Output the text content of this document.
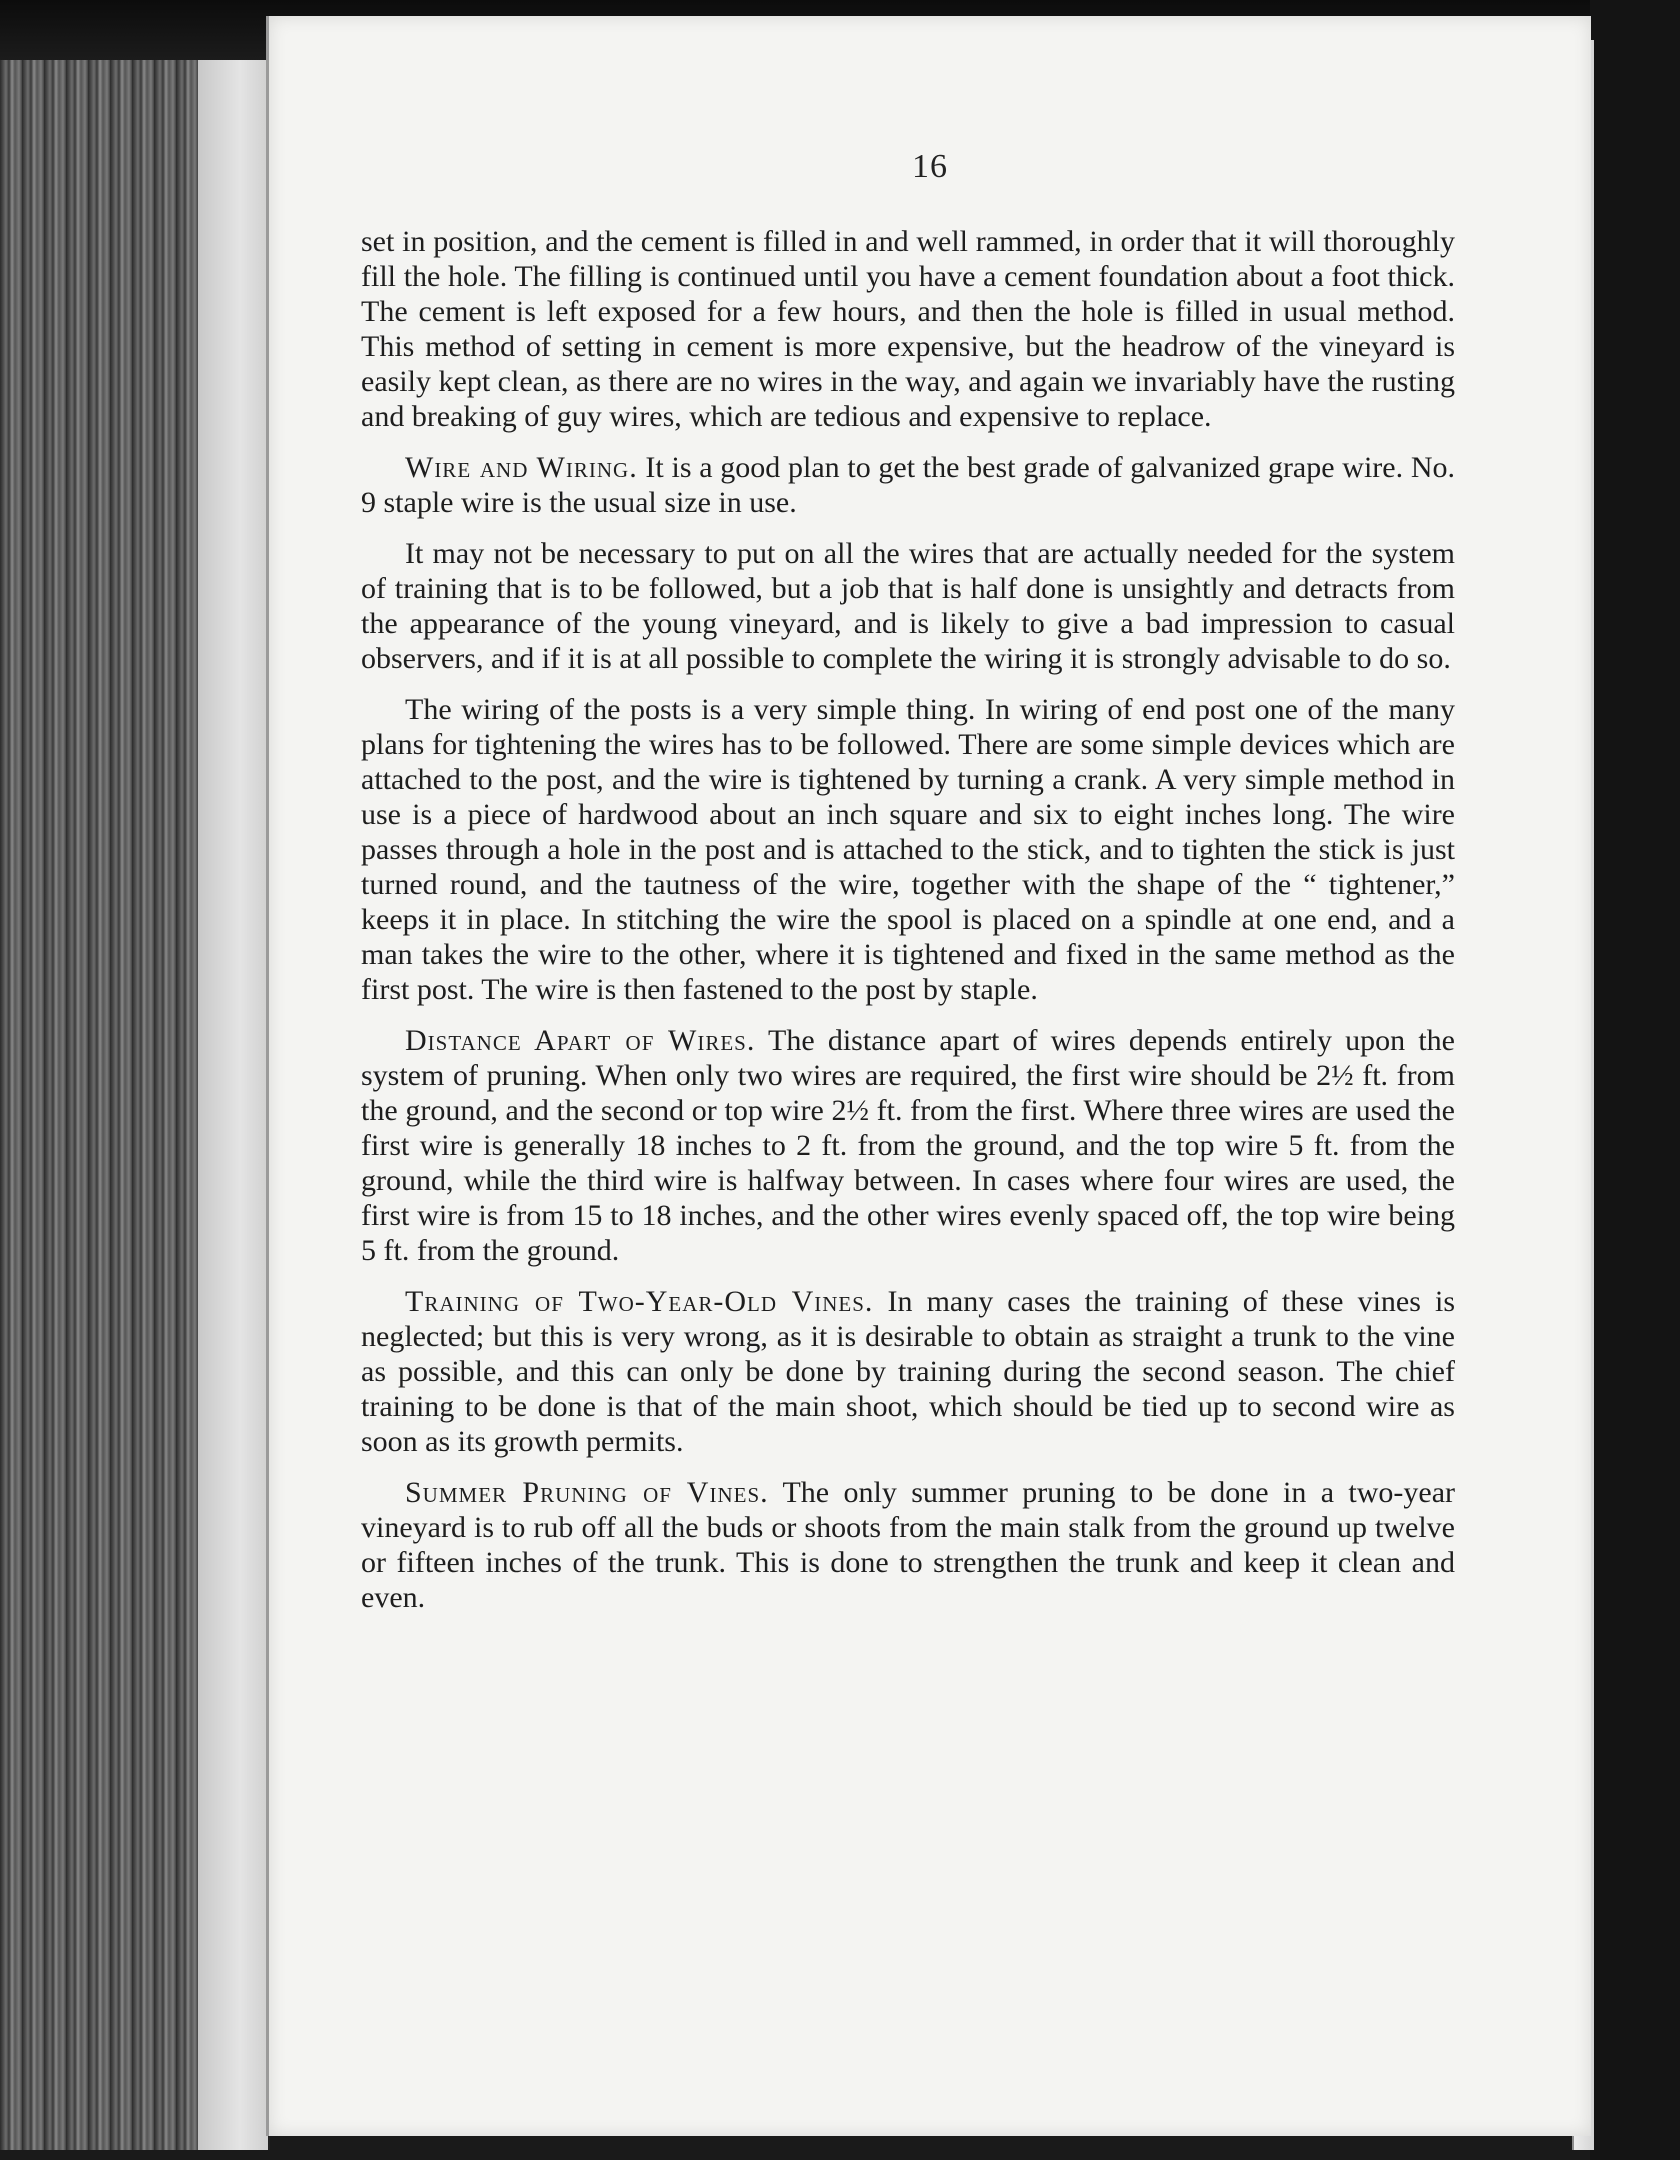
16

set in position, and the cement is filled in and well rammed, in order that it will thoroughly fill the hole. The filling is continued until you have a cement foundation about a foot thick. The cement is left exposed for a few hours, and then the hole is filled in usual method. This method of setting in cement is more expensive, but the headrow of the vineyard is easily kept clean, as there are no wires in the way, and again we invariably have the rusting and breaking of guy wires, which are tedious and expensive to replace.

Wire and Wiring. It is a good plan to get the best grade of galvanized grape wire. No. 9 staple wire is the usual size in use.

It may not be necessary to put on all the wires that are actually needed for the system of training that is to be followed, but a job that is half done is unsightly and detracts from the appearance of the young vineyard, and is likely to give a bad impression to casual observers, and if it is at all possible to complete the wiring it is strongly advisable to do so.

The wiring of the posts is a very simple thing. In wiring of end post one of the many plans for tightening the wires has to be followed. There are some simple devices which are attached to the post, and the wire is tightened by turning a crank. A very simple method in use is a piece of hardwood about an inch square and six to eight inches long. The wire passes through a hole in the post and is attached to the stick, and to tighten the stick is just turned round, and the tautness of the wire, together with the shape of the “ tightener,” keeps it in place. In stitching the wire the spool is placed on a spindle at one end, and a man takes the wire to the other, where it is tightened and fixed in the same method as the first post. The wire is then fastened to the post by staple.

Distance Apart of Wires. The distance apart of wires depends entirely upon the system of pruning. When only two wires are required, the first wire should be 2½ ft. from the ground, and the second or top wire 2½ ft. from the first. Where three wires are used the first wire is generally 18 inches to 2 ft. from the ground, and the top wire 5 ft. from the ground, while the third wire is halfway between. In cases where four wires are used, the first wire is from 15 to 18 inches, and the other wires evenly spaced off, the top wire being 5 ft. from the ground.

Training of Two-Year-Old Vines. In many cases the training of these vines is neglected; but this is very wrong, as it is desirable to obtain as straight a trunk to the vine as possible, and this can only be done by training during the second season. The chief training to be done is that of the main shoot, which should be tied up to second wire as soon as its growth permits.

Summer Pruning of Vines. The only summer pruning to be done in a two-year vineyard is to rub off all the buds or shoots from the main stalk from the ground up twelve or fifteen inches of the trunk. This is done to strengthen the trunk and keep it clean and even.
